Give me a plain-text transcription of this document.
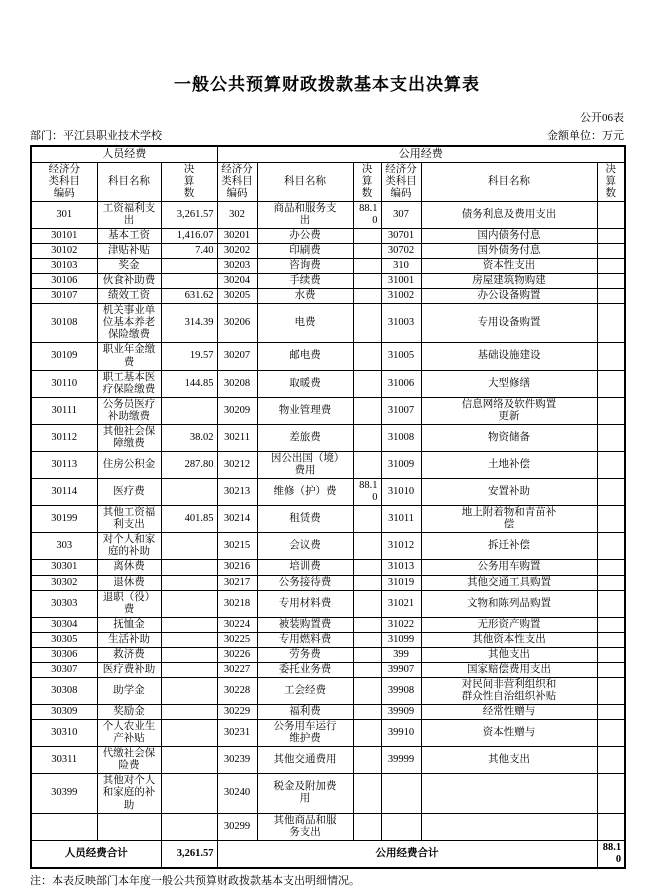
一般公共预算财政拨款基本支出决算表
公开06表
部门：平江县职业技术学校	金额单位：万元
人员经费			公用经费					
经济分类科目编码	科目名称	决算数	经济分类科目编码	科目名称	决算数	经济分类科目编码	科目名称	决算数
301	工资福利支出	3,261.57	302	商品和服务支出	88.10	307	债务利息及费用支出	
30101	基本工资	1,416.07	30201	办公费		30701	国内债务付息	
30102	津贴补贴	7.40	30202	印刷费		30702	国外债务付息	
30103	奖金		30203	咨询费		310	资本性支出	
30106	伙食补助费		30204	手续费		31001	房屋建筑物购建	
30107	绩效工资	631.62	30205	水费		31002	办公设备购置	
30108	机关事业单位基本养老保险缴费	314.39	30206	电费		31003	专用设备购置	
30109	职业年金缴费	19.57	30207	邮电费		31005	基础设施建设	
30110	职工基本医疗保险缴费	144.85	30208	取暖费		31006	大型修缮	
30111	公务员医疗补助缴费		30209	物业管理费		31007	信息网络及软件购置更新	
30112	其他社会保障缴费	38.02	30211	差旅费		31008	物资储备	
30113	住房公积金	287.80	30212	因公出国（境）费用		31009	土地补偿	
30114	医疗费		30213	维修（护）费	88.10	31010	安置补助	
30199	其他工资福利支出	401.85	30214	租赁费		31011	地上附着物和青苗补偿	
303	对个人和家庭的补助		30215	会议费		31012	拆迁补偿	
30301	离休费		30216	培训费		31013	公务用车购置	
30302	退休费		30217	公务接待费		31019	其他交通工具购置	
30303	退职（役）费		30218	专用材料费		31021	文物和陈列品购置	
30304	抚恤金		30224	被装购置费		31022	无形资产购置	
30305	生活补助		30225	专用燃料费		31099	其他资本性支出	
30306	救济费		30226	劳务费		399	其他支出	
30307	医疗费补助		30227	委托业务费		39907	国家赔偿费用支出	
30308	助学金		30228	工会经费		39908	对民间非营利组织和群众性自治组织补贴	
30309	奖励金		30229	福利费		39909	经常性赠与	
30310	个人农业生产补贴		30231	公务用车运行维护费		39910	资本性赠与	
30311	代缴社会保险费		30239	其他交通费用		39999	其他支出	
30399	其他对个人和家庭的补助		30240	税金及附加费用				
			30299	其他商品和服务支出				
人员经费合计		3,261.57	公用经费合计					88.10
注：本表反映部门本年度一般公共预算财政拨款基本支出明细情况。
